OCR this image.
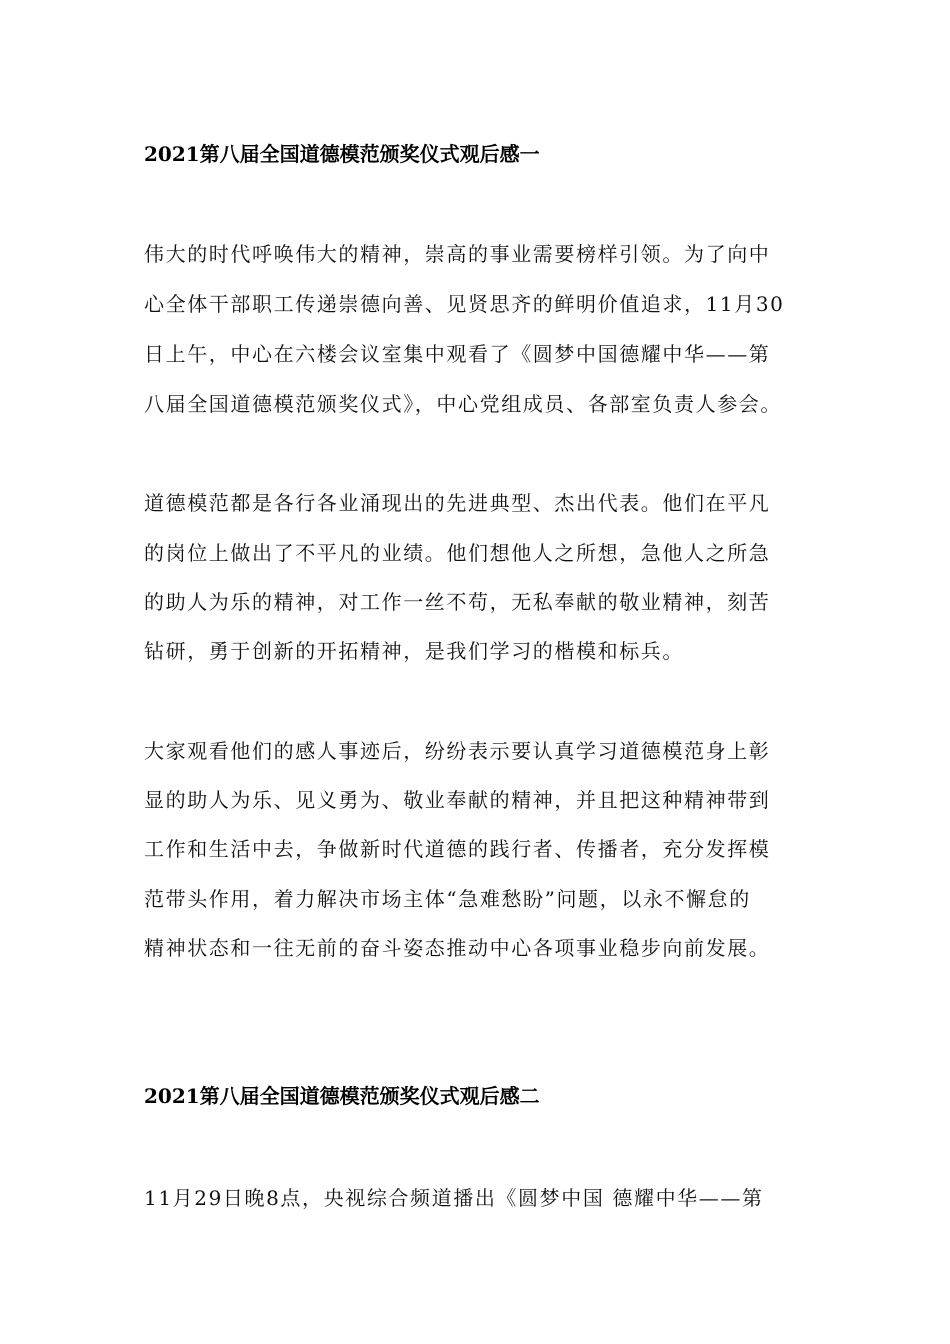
2021第八届全国道德模范颁奖仪式观后感一
伟大的时代呼唤伟大的精神，崇高的事业需要榜样引领。为了向中
心全体干部职工传递崇德向善、见贤思齐的鲜明价值追求，11月30
日上午，中心在六楼会议室集中观看了《圆梦中国德耀中华——第
八届全国道德模范颁奖仪式》，中心党组成员、各部室负责人参会。
道德模范都是各行各业涌现出的先进典型、杰出代表。他们在平凡
的岗位上做出了不平凡的业绩。他们想他人之所想，急他人之所急
的助人为乐的精神，对工作一丝不苟，无私奉献的敬业精神，刻苦
钻研，勇于创新的开拓精神，是我们学习的楷模和标兵。
大家观看他们的感人事迹后，纷纷表示要认真学习道德模范身上彰
显的助人为乐、见义勇为、敬业奉献的精神，并且把这种精神带到
工作和生活中去，争做新时代道德的践行者、传播者，充分发挥模
范带头作用，着力解决市场主体“急难愁盼”问题，以永不懈怠的
精神状态和一往无前的奋斗姿态推动中心各项事业稳步向前发展。
2021第八届全国道德模范颁奖仪式观后感二
11月29日晚8点，央视综合频道播出《圆梦中国 德耀中华——第
